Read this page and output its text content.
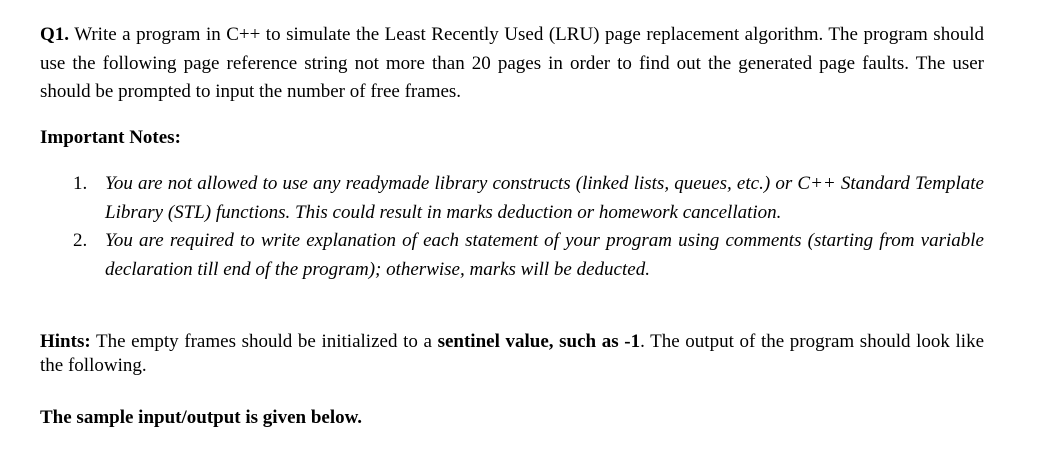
Q1. Write a program in C++ to simulate the Least Recently Used (LRU) page replacement algorithm. The program should use the following page reference string not more than 20 pages in order to find out the generated page faults. The user should be prompted to input the number of free frames.

Important Notes:

1. You are not allowed to use any readymade library constructs (linked lists, queues, etc.) or C++ Standard Template Library (STL) functions. This could result in marks deduction or homework cancellation.
2. You are required to write explanation of each statement of your program using comments (starting from variable declaration till end of the program); otherwise, marks will be deducted.

Hints: The empty frames should be initialized to a sentinel value, such as -1. The output of the program should look like the following.

The sample input/output is given below.
